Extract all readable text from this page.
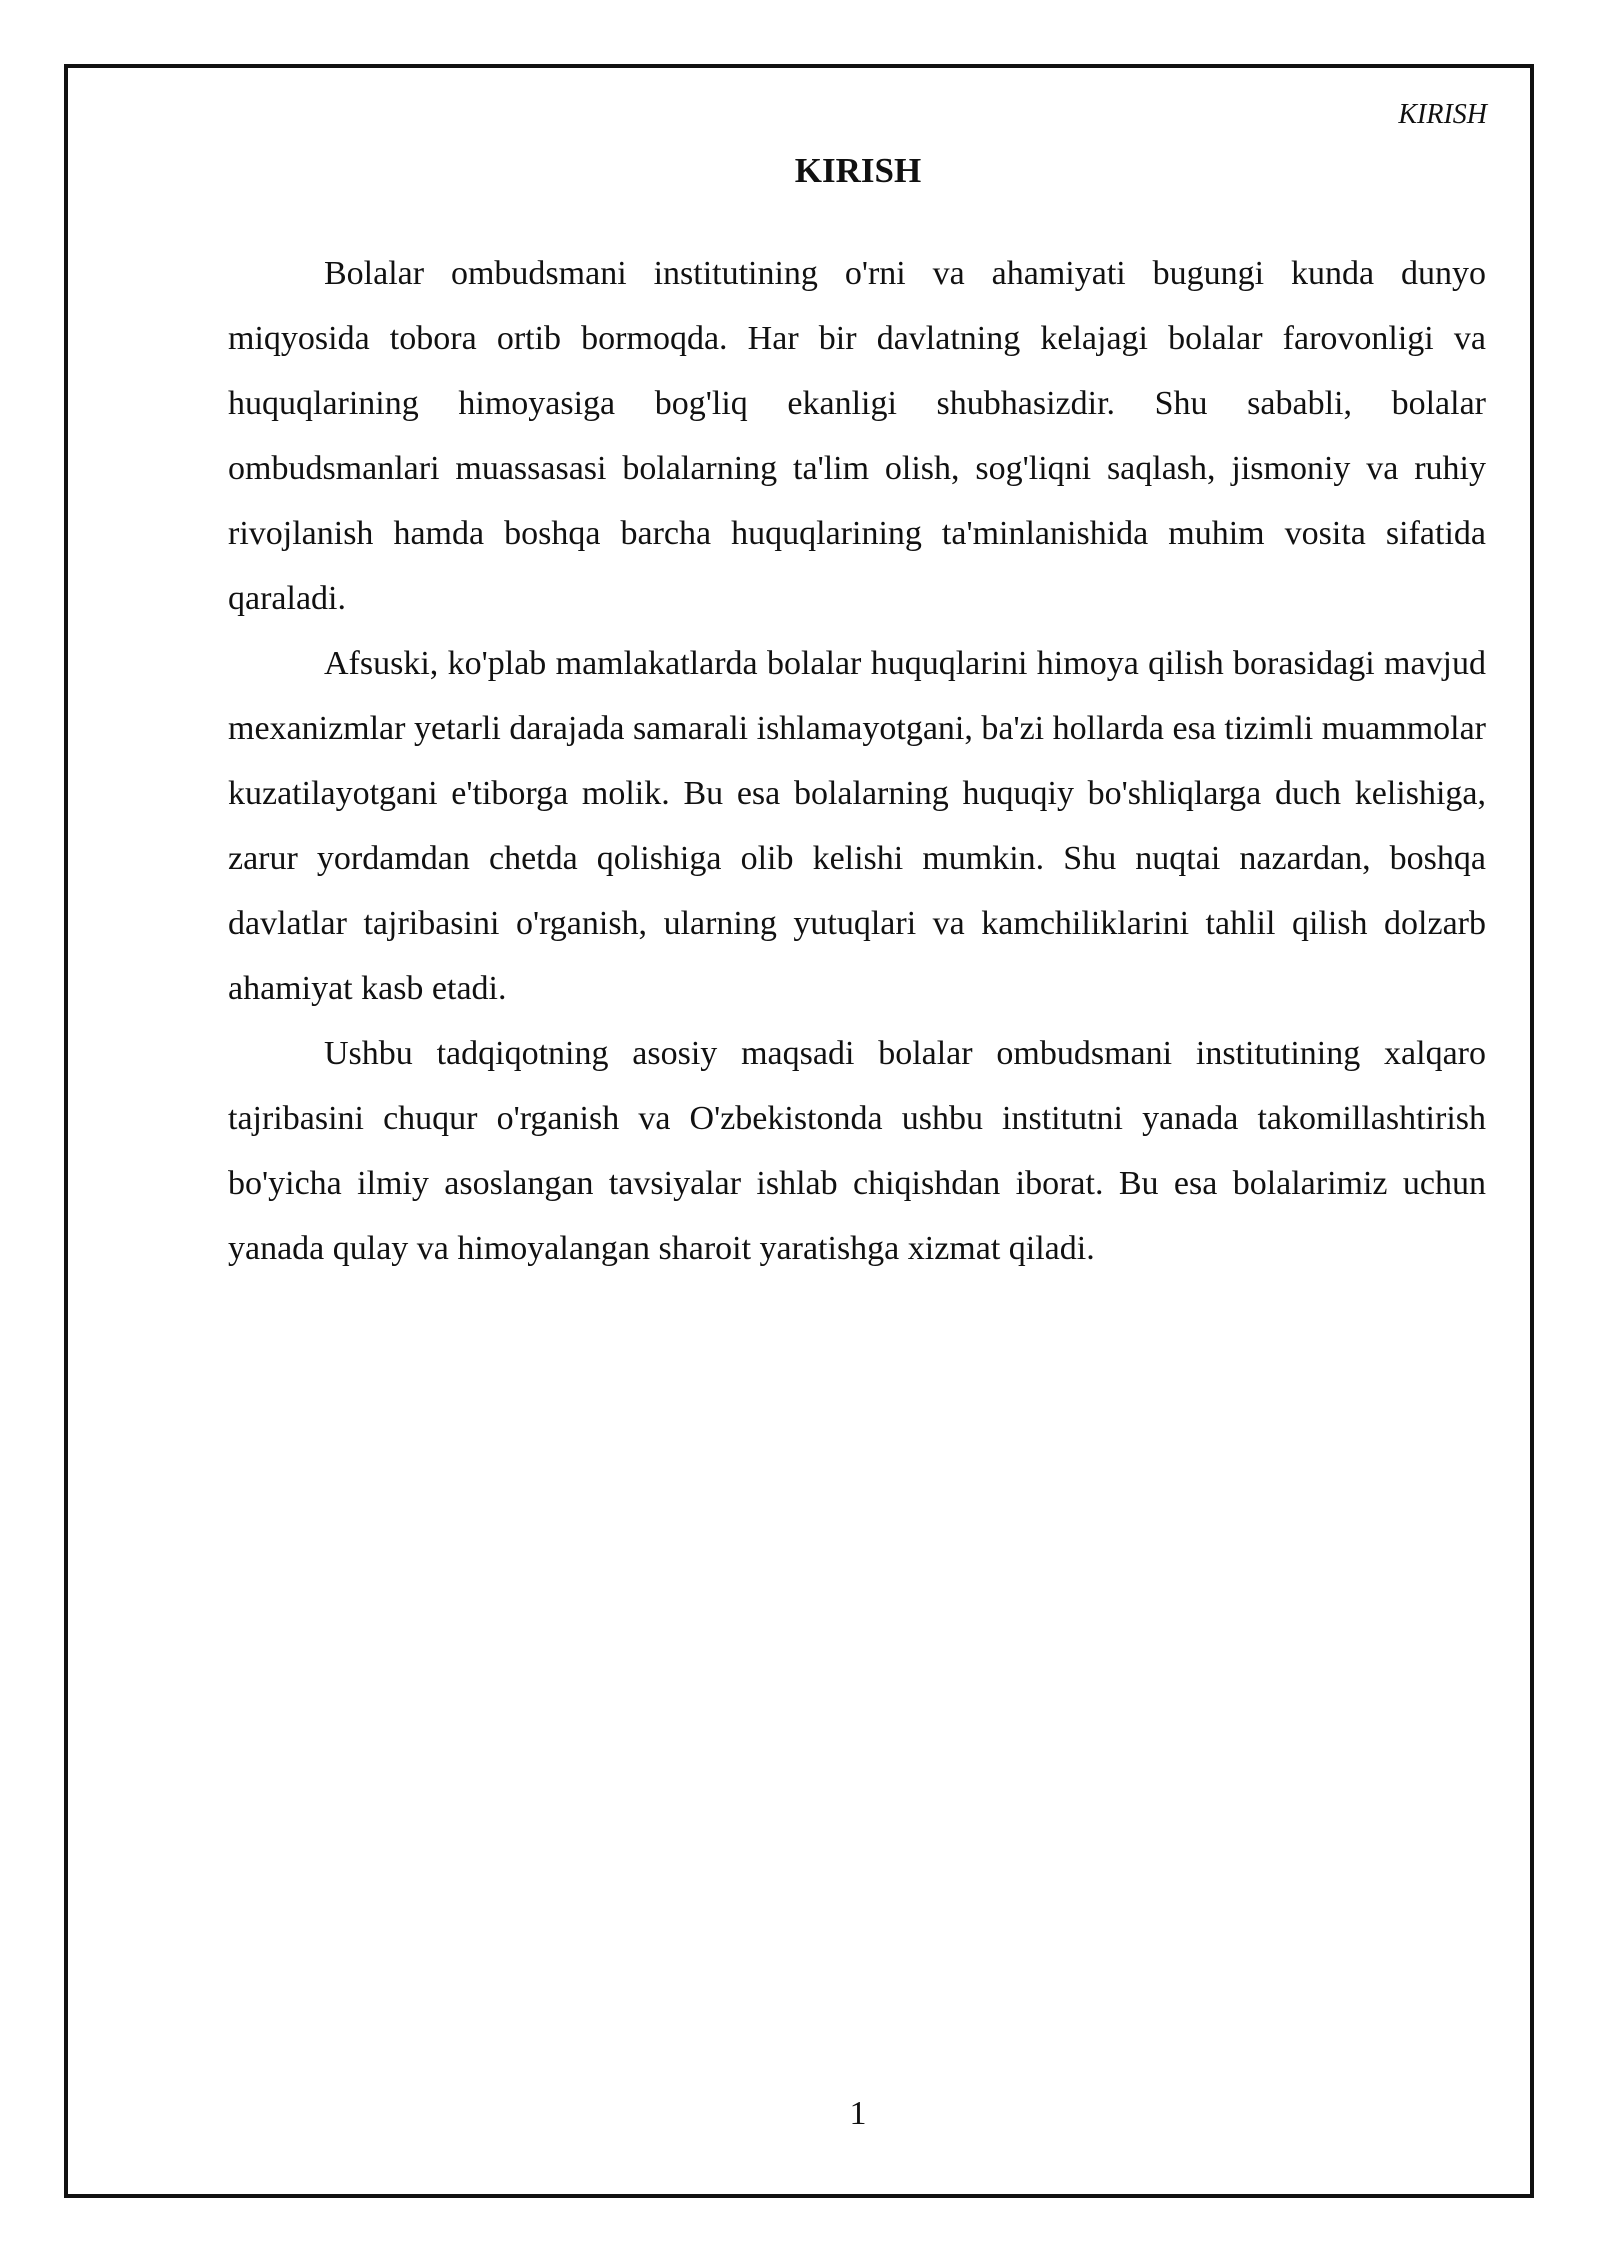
KIRISH
KIRISH

Bolalar ombudsmani institutining o'rni va ahamiyati bugungi kunda dunyo miqyosida tobora ortib bormoqda. Har bir davlatning kelajagi bolalar farovonligi va huquqlarining himoyasiga bog'liq ekanligi shubhasizdir. Shu sababli, bolalar ombudsmanlari muassasasi bolalarning ta'lim olish, sog'liqni saqlash, jismoniy va ruhiy rivojlanish hamda boshqa barcha huquqlarining ta'minlanishida muhim vosita sifatida qaraladi.

Afsuski, ko'plab mamlakatlarda bolalar huquqlarini himoya qilish borasidagi mavjud mexanizmlar yetarli darajada samarali ishlamayotgani, ba'zi hollarda esa tizimli muammolar kuzatilayotgani e'tiborga molik. Bu esa bolalarning huquqiy bo'shliqlarga duch kelishiga, zarur yordamdan chetda qolishiga olib kelishi mumkin. Shu nuqtai nazardan, boshqa davlatlar tajribasini o'rganish, ularning yutuqlari va kamchiliklarini tahlil qilish dolzarb ahamiyat kasb etadi.

Ushbu tadqiqotning asosiy maqsadi bolalar ombudsmani institutining xalqaro tajribasini chuqur o'rganish va O'zbekistonda ushbu institutni yanada takomillashtirish bo'yicha ilmiy asoslangan tavsiyalar ishlab chiqishdan iborat. Bu esa bolalarimiz uchun yanada qulay va himoyalangan sharoit yaratishga xizmat qiladi.

1
